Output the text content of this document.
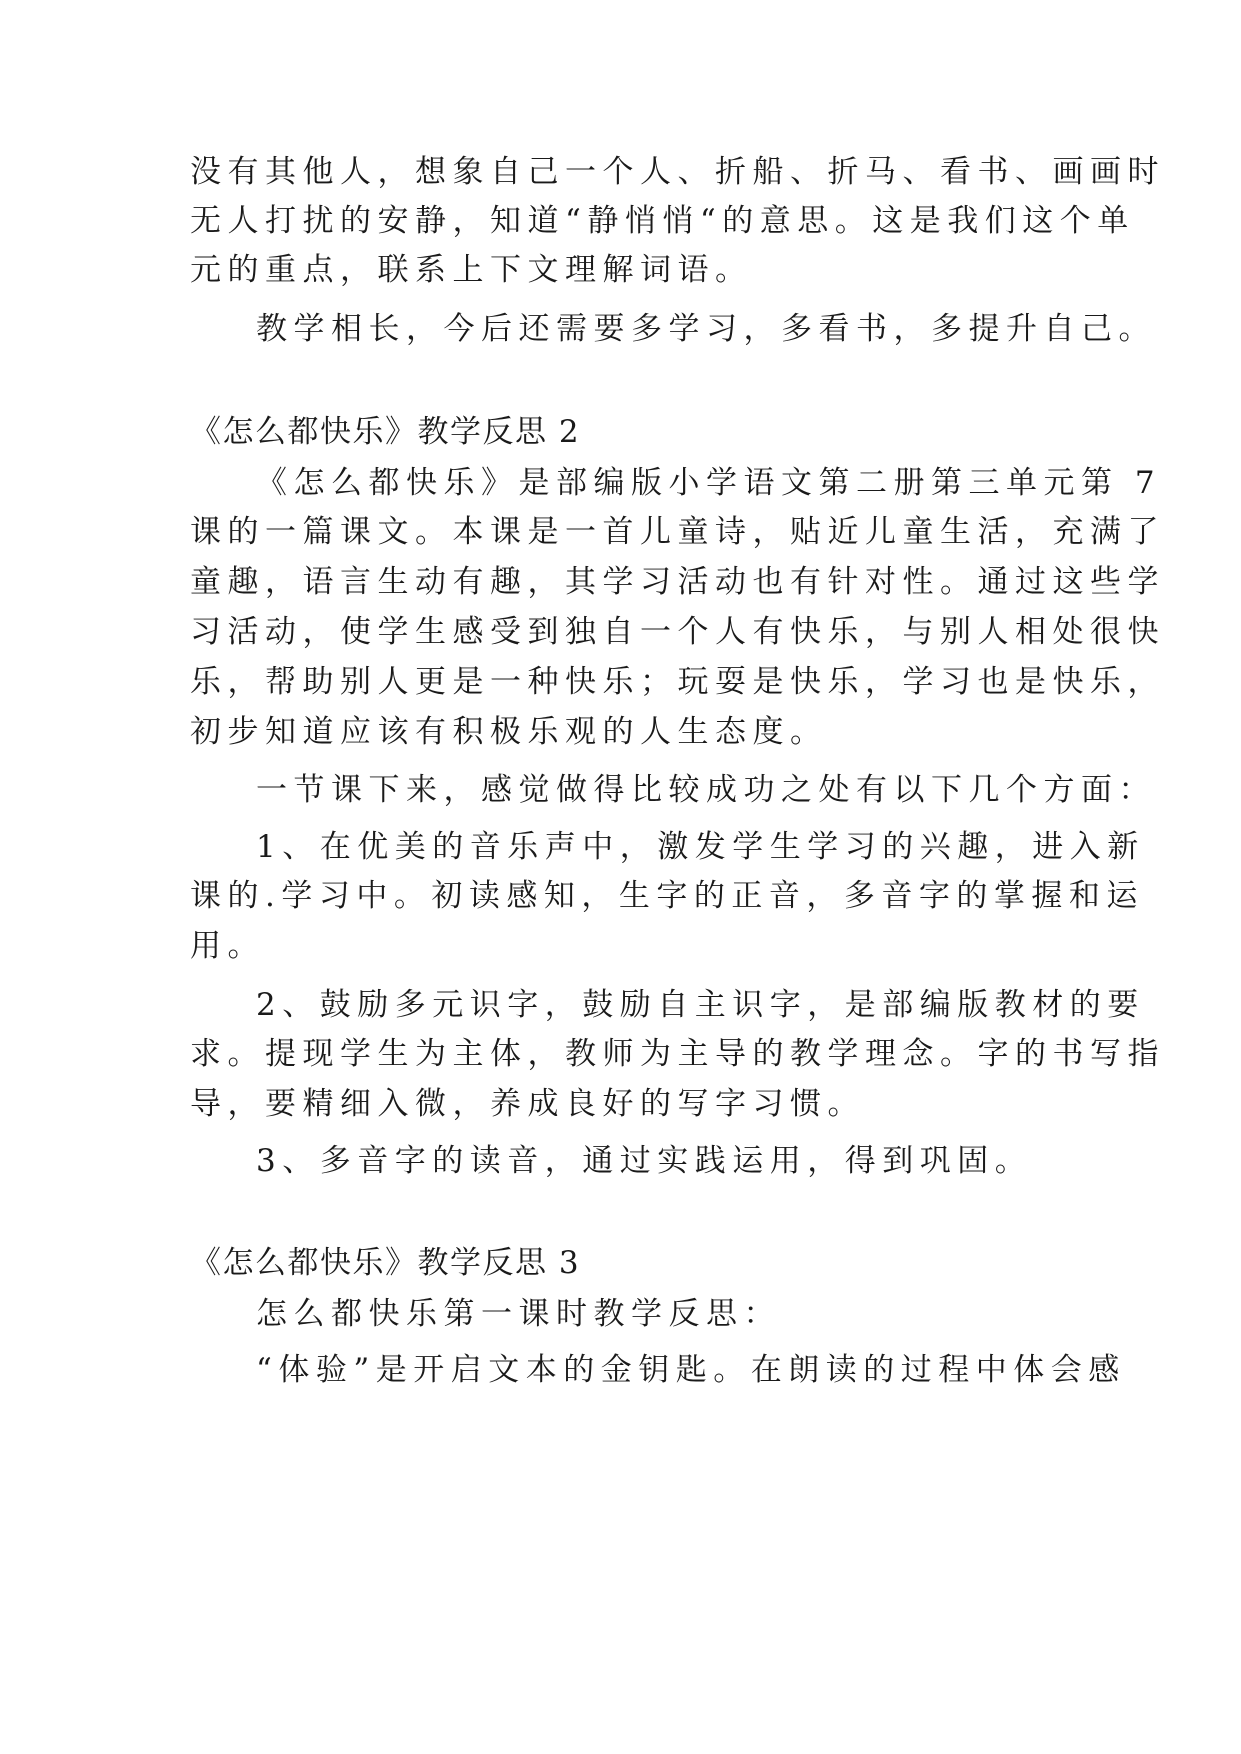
没有其他人，想象自己一个人、折船、折马、看书、画画时
无人打扰的安静，知道“静悄悄“的意思。这是我们这个单
元的重点，联系上下文理解词语。
教学相长，今后还需要多学习，多看书，多提升自己。
《怎么都快乐》教学反思 2
《怎么都快乐》是部编版小学语文第二册第三单元第 7
课的一篇课文。本课是一首儿童诗，贴近儿童生活，充满了
童趣，语言生动有趣，其学习活动也有针对性。通过这些学
习活动，使学生感受到独自一个人有快乐，与别人相处很快
乐，帮助别人更是一种快乐；玩耍是快乐，学习也是快乐，
初步知道应该有积极乐观的人生态度。
一节课下来，感觉做得比较成功之处有以下几个方面：
1、在优美的音乐声中，激发学生学习的兴趣，进入新
课的.学习中。初读感知，生字的正音，多音字的掌握和运
用。
2、鼓励多元识字，鼓励自主识字，是部编版教材的要
求。提现学生为主体，教师为主导的教学理念。字的书写指
导，要精细入微，养成良好的写字习惯。
3、多音字的读音，通过实践运用，得到巩固。
《怎么都快乐》教学反思 3
怎么都快乐第一课时教学反思：
“体验”是开启文本的金钥匙。在朗读的过程中体会感
